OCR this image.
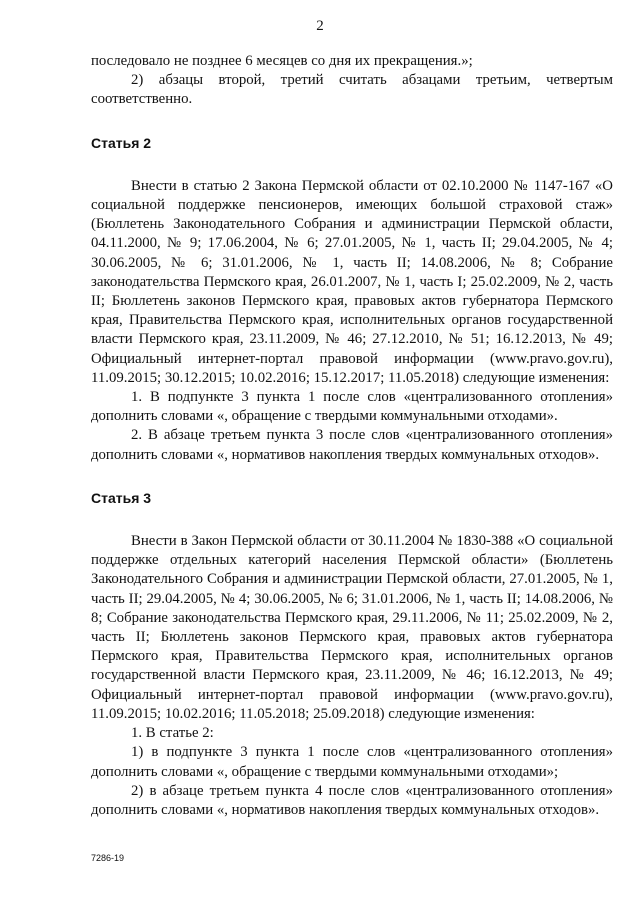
2

последовало не позднее 6 месяцев со дня их прекращения.»;

2) абзацы второй, третий считать абзацами третьим, четвертым соответственно.

Статья 2

Внести в статью 2 Закона Пермской области от 02.10.2000 № 1147-167 «О социальной поддержке пенсионеров, имеющих большой страховой стаж» (Бюллетень Законодательного Собрания и администрации Пермской области, 04.11.2000, № 9; 17.06.2004, № 6; 27.01.2005, № 1, часть II; 29.04.2005, № 4; 30.06.2005, № 6; 31.01.2006, № 1, часть II; 14.08.2006, № 8; Собрание законодательства Пермского края, 26.01.2007, № 1, часть I; 25.02.2009, № 2, часть II; Бюллетень законов Пермского края, правовых актов губернатора Пермского края, Правительства Пермского края, исполнительных органов государственной власти Пермского края, 23.11.2009, № 46; 27.12.2010, № 51; 16.12.2013, № 49; Официальный интернет-портал правовой информации (www.pravo.gov.ru), 11.09.2015; 30.12.2015; 10.02.2016; 15.12.2017; 11.05.2018) следующие изменения:

1. В подпункте 3 пункта 1 после слов «централизованного отопления» дополнить словами «, обращение с твердыми коммунальными отходами».

2. В абзаце третьем пункта 3 после слов «централизованного отопления» дополнить словами «, нормативов накопления твердых коммунальных отходов».

Статья 3

Внести в Закон Пермской области от 30.11.2004 № 1830-388 «О социальной поддержке отдельных категорий населения Пермской области» (Бюллетень Законодательного Собрания и администрации Пермской области, 27.01.2005, № 1, часть II; 29.04.2005, № 4; 30.06.2005, № 6; 31.01.2006, № 1, часть II; 14.08.2006, № 8; Собрание законодательства Пермского края, 29.11.2006, № 11; 25.02.2009, № 2, часть II; Бюллетень законов Пермского края, правовых актов губернатора Пермского края, Правительства Пермского края, исполнительных органов государственной власти Пермского края, 23.11.2009, № 46; 16.12.2013, № 49; Официальный интернет-портал правовой информации (www.pravo.gov.ru), 11.09.2015; 10.02.2016; 11.05.2018; 25.09.2018) следующие изменения:

1. В статье 2:

1) в подпункте 3 пункта 1 после слов «централизованного отопления» дополнить словами «, обращение с твердыми коммунальными отходами»;

2) в абзаце третьем пункта 4 после слов «централизованного отопления» дополнить словами «, нормативов накопления твердых коммунальных отходов».

7286-19
